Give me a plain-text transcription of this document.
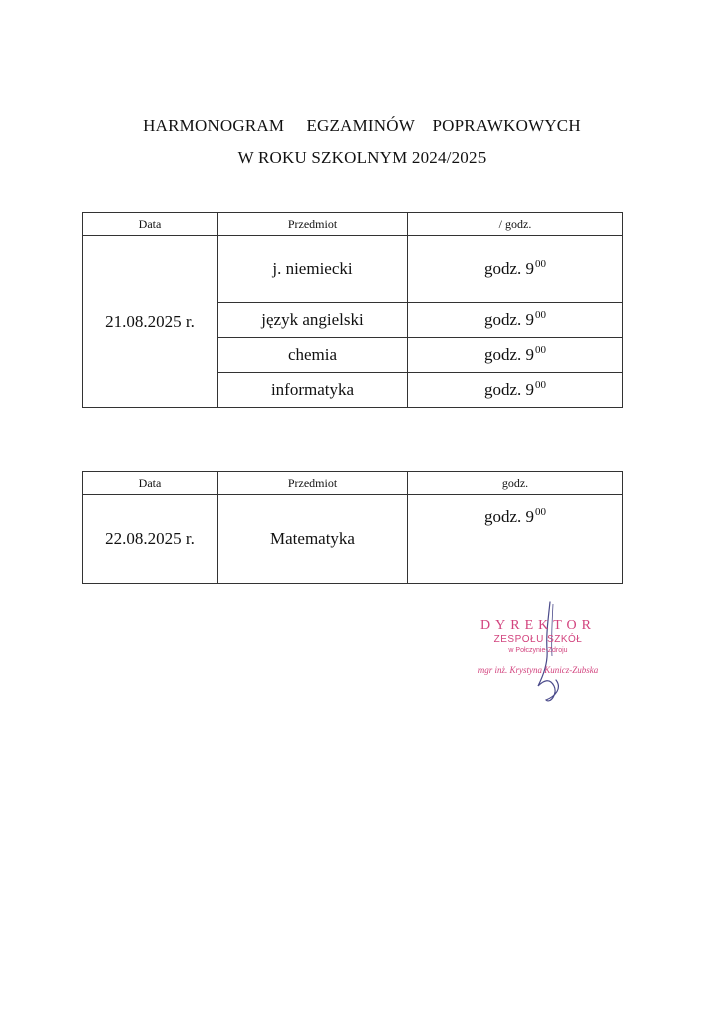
HARMONOGRAM     EGZAMINÓW    POPRAWKOWYCH
W ROKU SZKOLNYM 2024/2025
Data	Przedmiot	/ godz.
21.08.2025 r.	j. niemiecki	godz. $9^{00}$
	język angielski	godz. $9^{00}$
	chemia	godz. $9^{00}$
	informatyka	godz. $9^{00}$
Data	Przedmiot	godz.
22.08.2025 r.	Matematyka	godz. $9^{00}$
DYREKTOR
ZESPOŁU SZKÓŁ
w Połczynie-Zdroju
mgr inż. Krystyna Kunicz-Zubska
